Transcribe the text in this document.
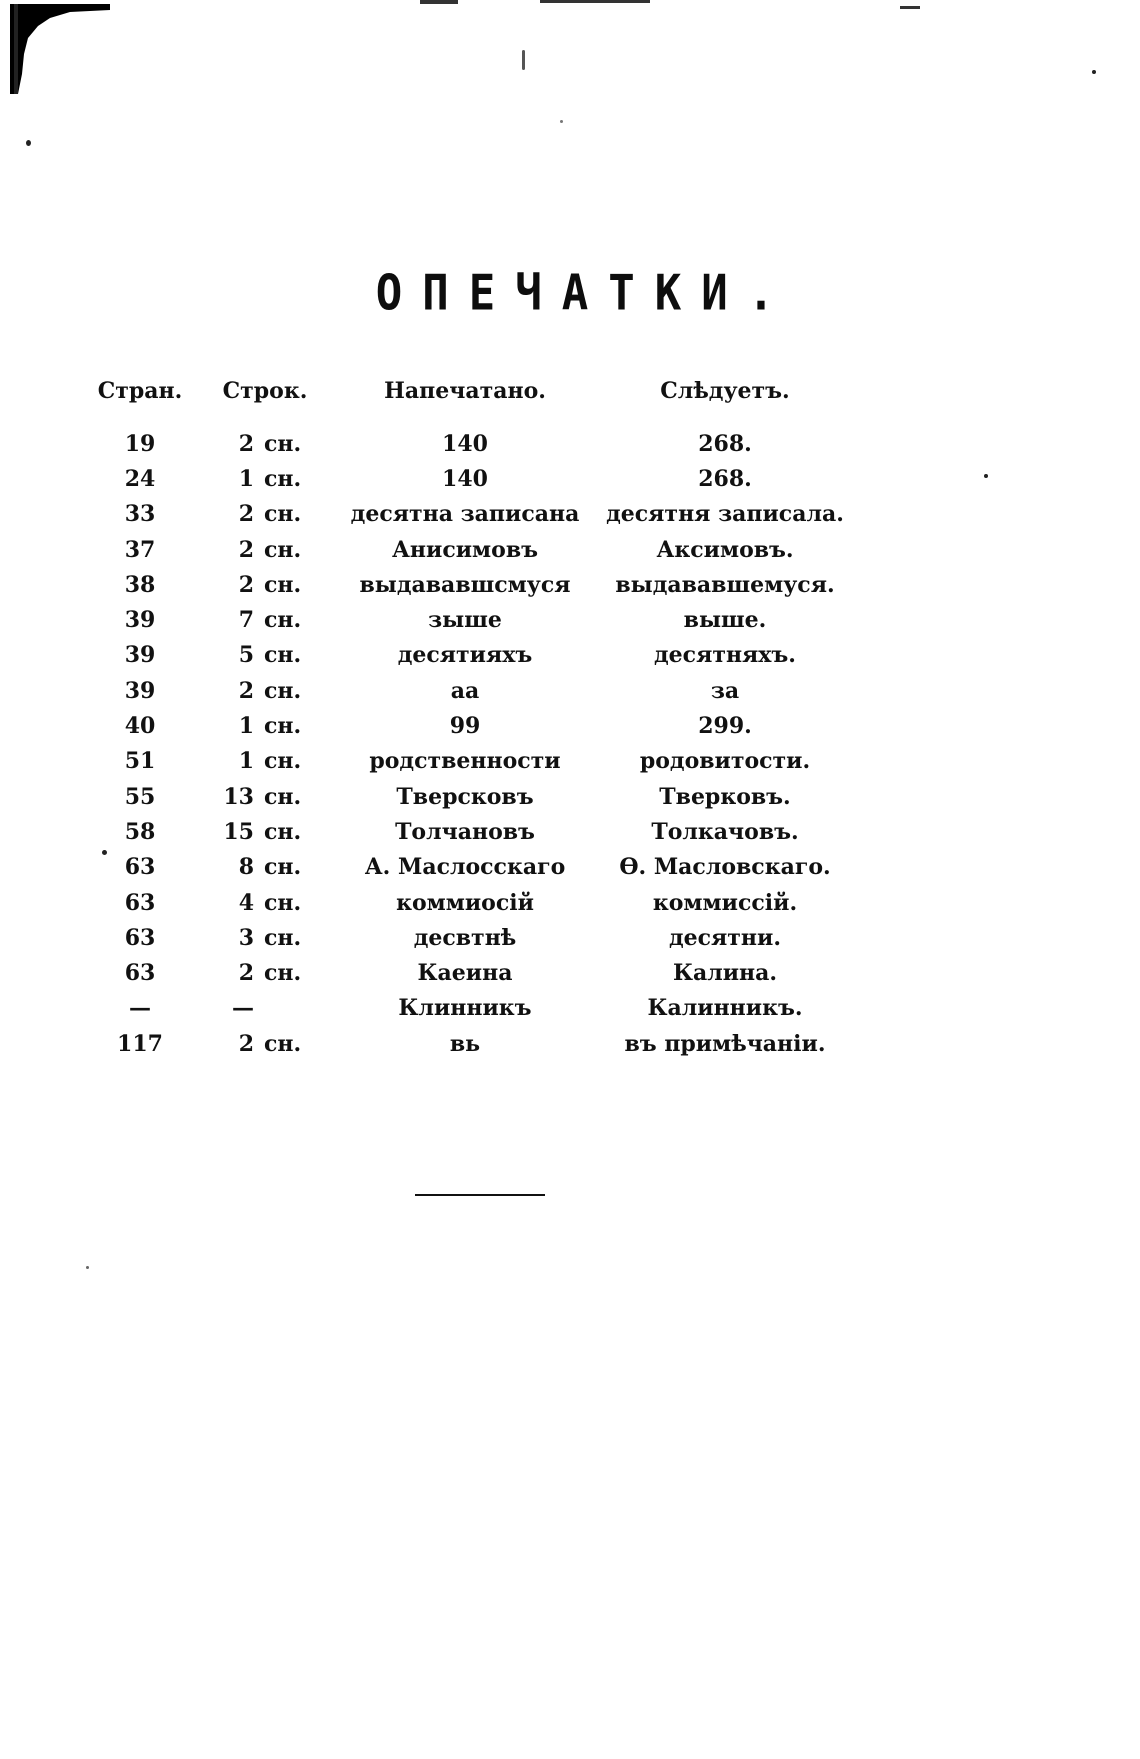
ОПЕЧАТКИ.
Стран.	Строк.	Напечатано.	Слѣдуетъ.
19	2 сн.	140	268.
24	1 сн.	140	268.
33	2 сн.	десятна записана	десятня записала.
37	2 сн.	Анисимовъ	Аксимовъ.
38	2 сн.	выдававшсмуся	выдававшемуся.
39	7 сн.	зыше	выше.
39	5 сн.	десятияхъ	десятняхъ.
39	2 сн.	аа	за
40	1 сн.	99	299.
51	1 сн.	родственности	родовитости.
55	13 сн.	Тверсковъ	Тверковъ.
58	15 сн.	Толчановъ	Толкачовъ.
63	8 сн.	А. Маслосскаго	Ѳ. Масловскаго.
63	4 сн.	коммиосій	коммиссій.
63	3 сн.	десвтнѣ	десятни.
63	2 сн.	Каеина	Калина.
—	—	Клинникъ	Калинникъ.
117	2 сн.	вь	въ примѣчаніи.
